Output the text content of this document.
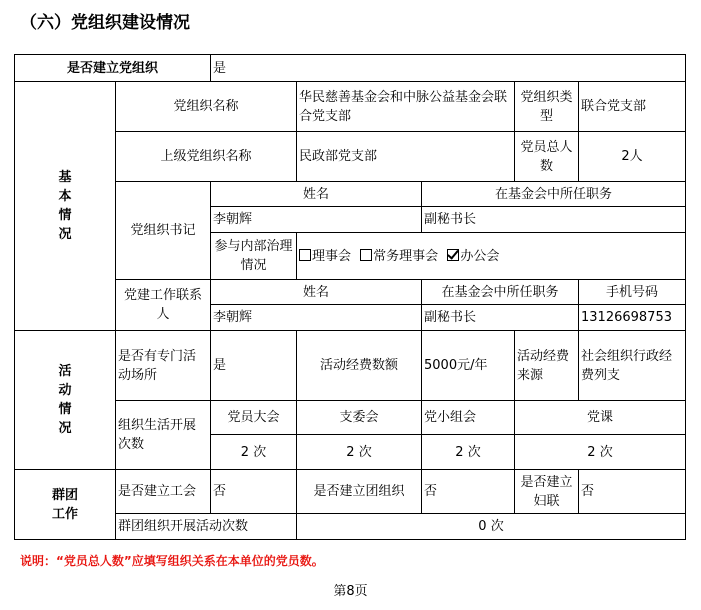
（六）党组织建设情况
是否建立党组织		是				

基
本
情
况	党组织名称		华民慈善基金会和中脉公益基金会联合党支部		党组织类型	联合党支部
	上级党组织名称		民政部党支部		党员总人数	2人
	党组织书记	姓名		在基金会中所任职务		
		李朝辉		副秘书长		
		参与内部治理情况	理事会 常务理事会 办公会			
	党建工作联系人	姓名		在基金会中所任职务		手机号码
		李朝辉		副秘书长		13126698753

活
动
情
况	是否有专门活动场所	是	活动经费数额	5000元/年	活动经费来源	社会组织行政经费列支
	组织生活开展次数	党员大会	支委会	党小组会	党课	
		2 次	2 次	2 次	2 次	

群团
工作	是否建立工会	否	是否建立团组织	否	是否建立妇联	否
	群团组织开展活动次数		0 次			
说明：“党员总人数”应填写组织关系在本单位的党员数。
第8页
